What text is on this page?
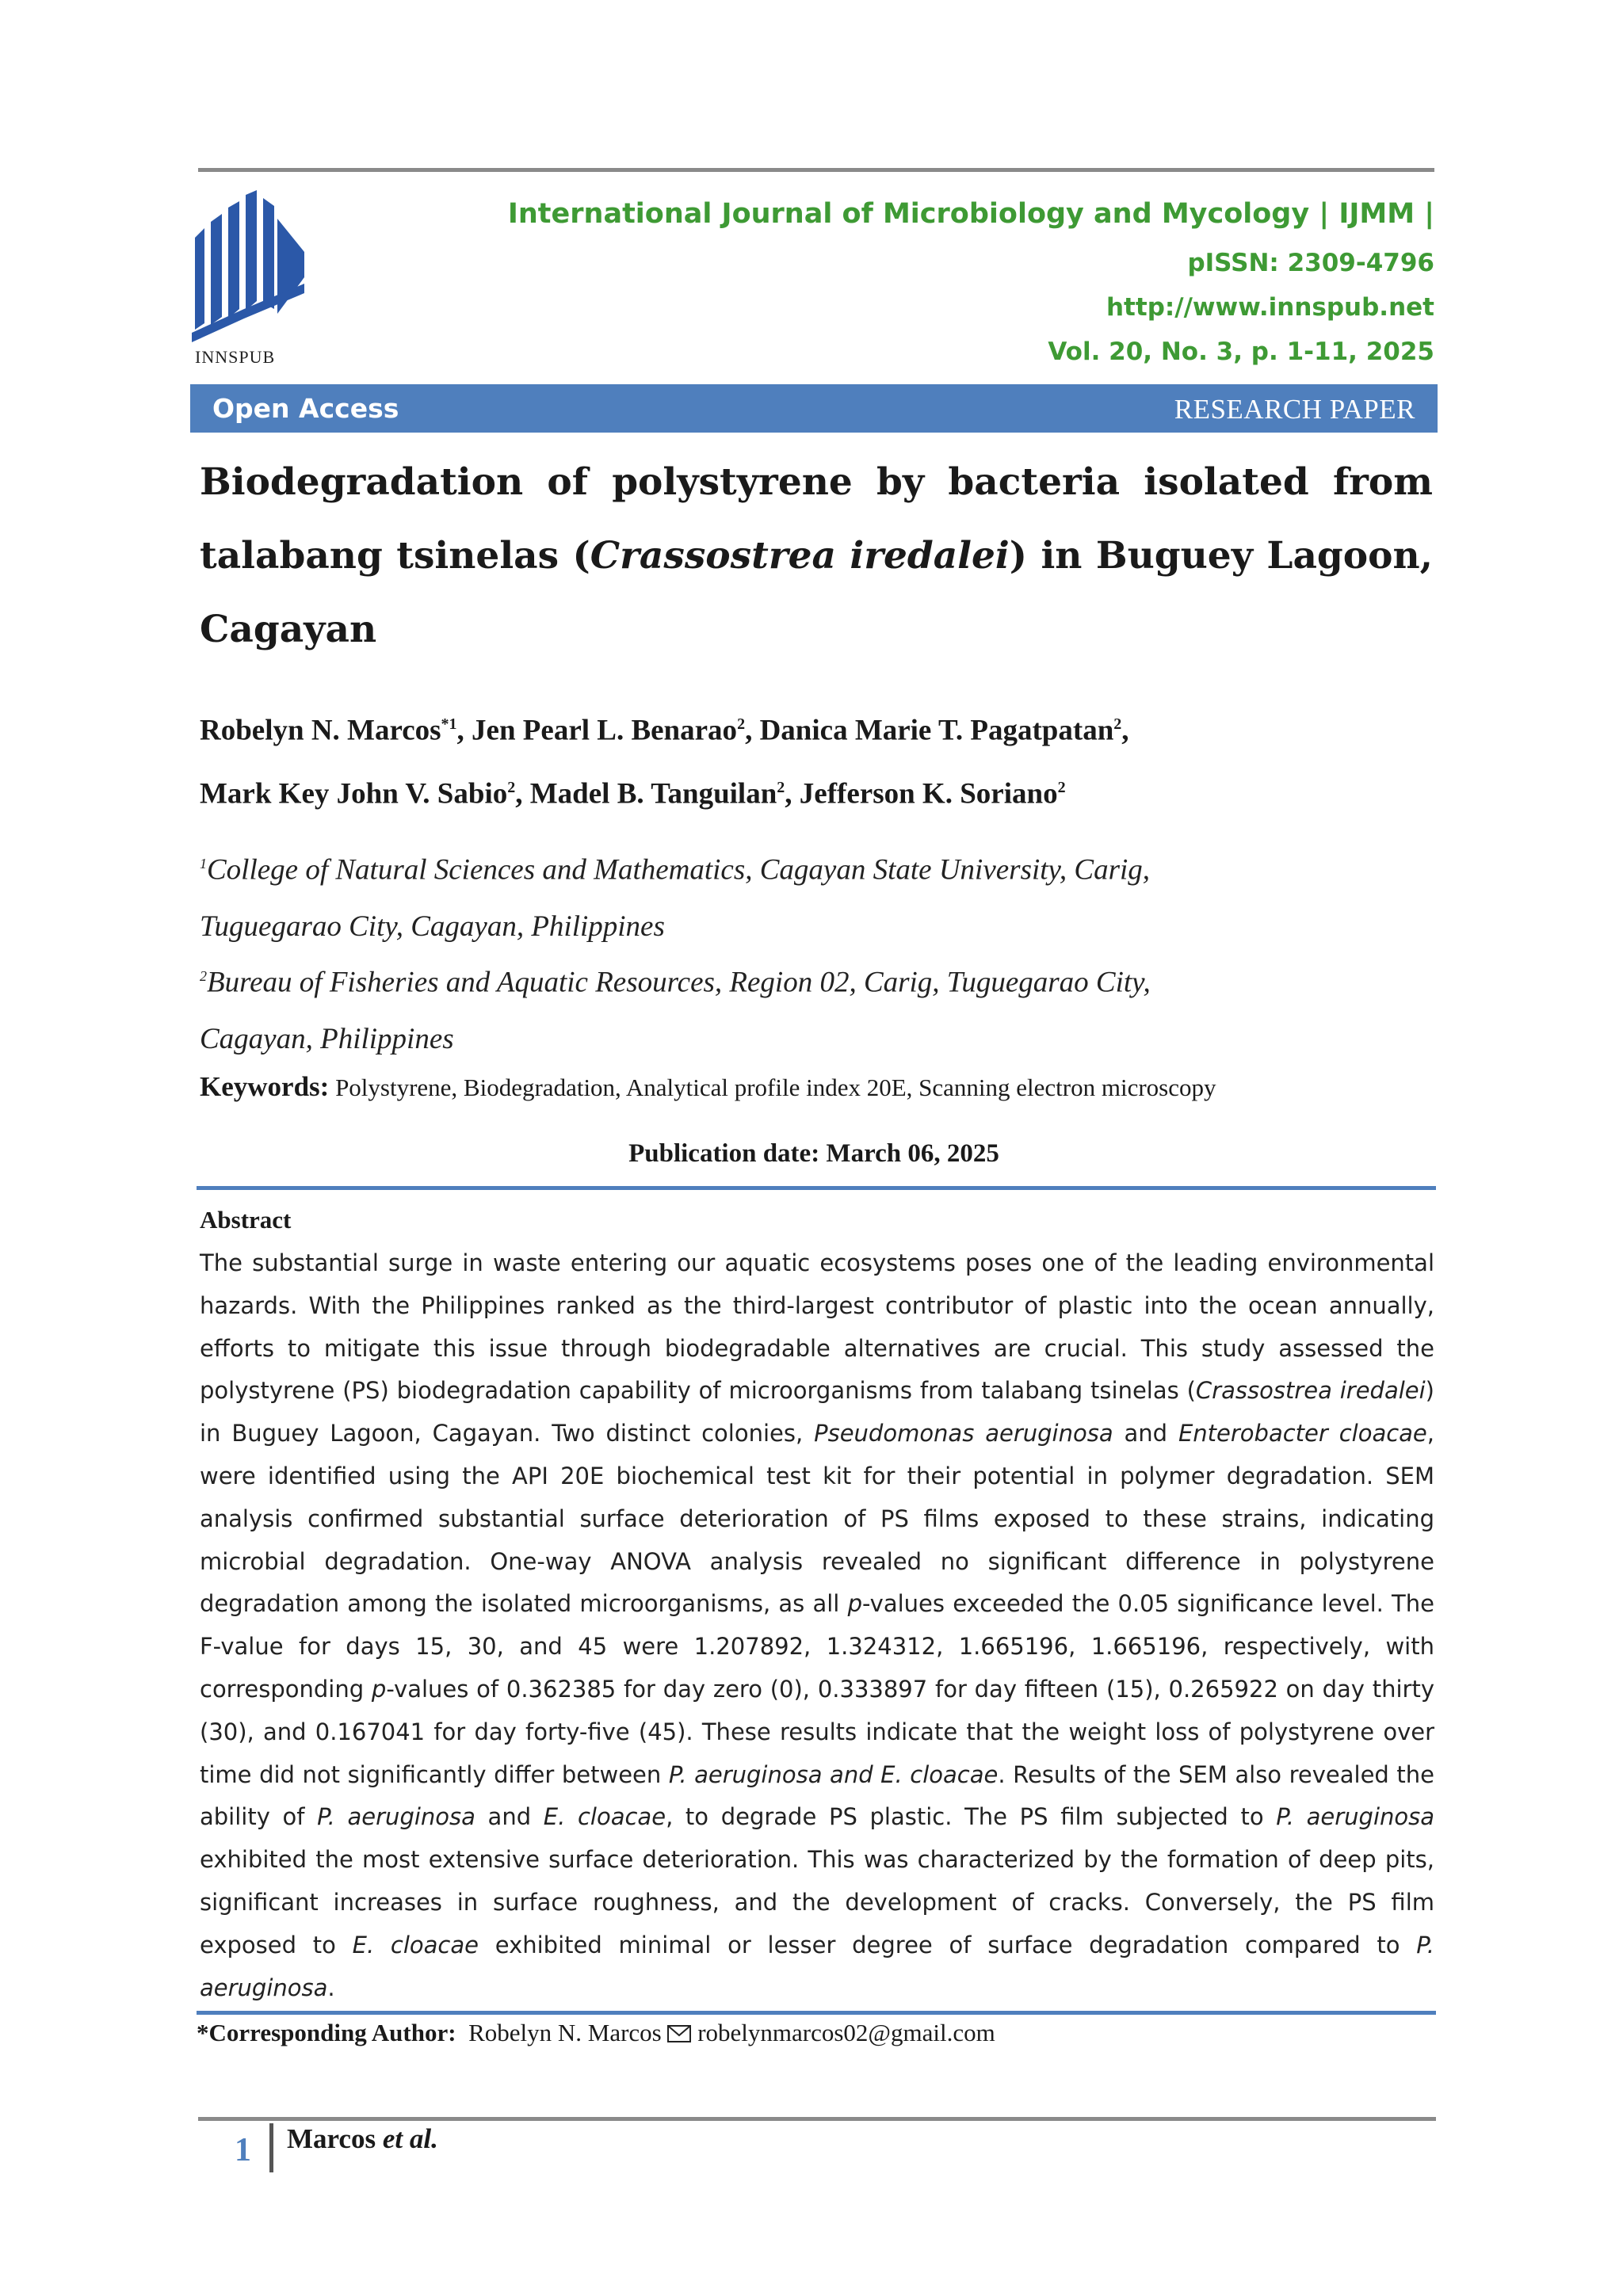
INNSPUB
International Journal of Microbiology and Mycology | IJMM |
pISSN: 2309-4796
http://www.innspub.net
Vol. 20, No. 3, p. 1-11, 2025
Open Access	RESEARCH PAPER
Biodegradation of polystyrene by bacteria isolated from talabang tsinelas (Crassostrea iredalei) in Buguey Lagoon, Cagayan
Robelyn N. Marcos$^{*1}$, Jen Pearl L. Benarao$^2$, Danica Marie T. Pagatpatan$^2$,
Mark Key John V. Sabio$^2$, Madel B. Tanguilan$^2$, Jefferson K. Soriano$^2$
$^1$College of Natural Sciences and Mathematics, Cagayan State University, Carig,
Tuguegarao City, Cagayan, Philippines
$^2$Bureau of Fisheries and Aquatic Resources, Region 02, Carig, Tuguegarao City,
Cagayan, Philippines
Keywords: Polystyrene, Biodegradation, Analytical profile index 20E, Scanning electron microscopy
Publication date: March 06, 2025
Abstract
The substantial surge in waste entering our aquatic ecosystems poses one of the leading environmental hazards. With the Philippines ranked as the third-largest contributor of plastic into the ocean annually, efforts to mitigate this issue through biodegradable alternatives are crucial. This study assessed the polystyrene (PS) biodegradation capability of microorganisms from talabang tsinelas (Crassostrea iredalei) in Buguey Lagoon, Cagayan. Two distinct colonies, Pseudomonas aeruginosa and Enterobacter cloacae, were identified using the API 20E biochemical test kit for their potential in polymer degradation. SEM analysis confirmed substantial surface deterioration of PS films exposed to these strains, indicating microbial degradation. One-way ANOVA analysis revealed no significant difference in polystyrene degradation among the isolated microorganisms, as all p-values exceeded the 0.05 significance level. The F-value for days 15, 30, and 45 were 1.207892, 1.324312, 1.665196, 1.665196, respectively, with corresponding p-values of 0.362385 for day zero (0), 0.333897 for day fifteen (15), 0.265922 on day thirty (30), and 0.167041 for day forty-five (45). These results indicate that the weight loss of polystyrene over time did not significantly differ between P. aeruginosa and E. cloacae. Results of the SEM also revealed the ability of P. aeruginosa and E. cloacae, to degrade PS plastic. The PS film subjected to P. aeruginosa exhibited the most extensive surface deterioration. This was characterized by the formation of deep pits, significant increases in surface roughness, and the development of cracks. Conversely, the PS film exposed to E. cloacae exhibited minimal or lesser degree of surface degradation compared to P. aeruginosa.
*Corresponding Author: Robelyn N. Marcos robelynmarcos02@gmail.com
1 Marcos et al.
